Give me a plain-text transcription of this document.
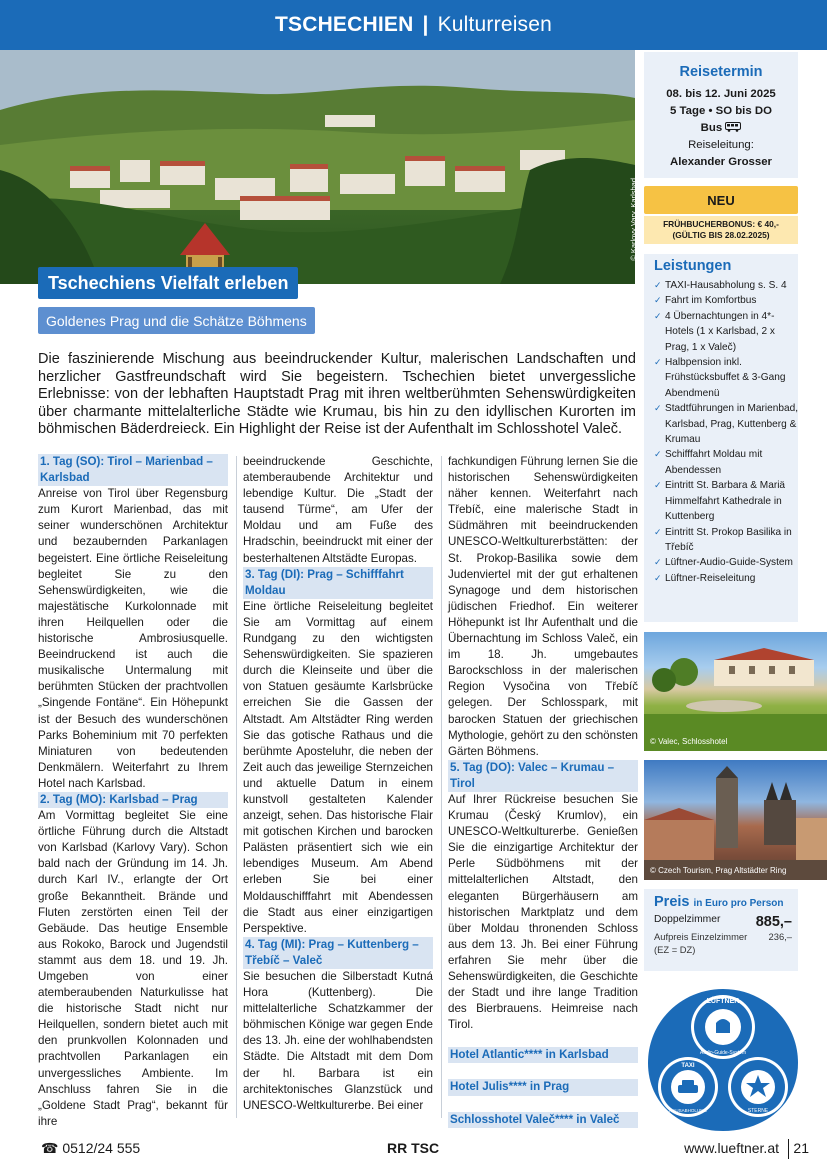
TSCHECHIEN | Kulturreisen
© Karlovy Vary, Karlsbad
Tschechiens Vielfalt erleben
Goldenes Prag und die Schätze Böhmens

Die faszinierende Mischung aus beeindruckender Kultur, malerischen Landschaften und herzlicher Gastfreundschaft wird Sie begeistern. Tschechien bietet unvergessliche Erlebnisse: von der lebhaften Hauptstadt Prag mit ihren weltberühmten Sehenswürdigkeiten über charmante mittelalterliche Städte wie Krumau, bis hin zu den idyllischen Kurorten im böhmischen Bäderdreieck. Ein Highlight der Reise ist der Aufenthalt im Schlosshotel Valeč.

1. Tag (SO): Tirol – Marienbad – Karlsbad

Anreise von Tirol über Regensburg zum Kurort Marienbad, das mit seiner wunderschönen Architektur und bezaubernden Parkanlagen begeistert. Eine örtliche Reiseleitung begleitet Sie zu den Sehenswürdigkeiten, wie die majestätische Kurkolonnade mit ihren Heilquellen oder die historische Ambrosiusquelle. Beeindruckend ist auch die musikalische Untermalung mit berühmten Stücken der prachtvollen „Singende Fontäne“. Ein Höhepunkt ist der Besuch des wunderschönen Parks Boheminium mit 70 perfekten Miniaturen von bedeutenden Denkmälern. Weiterfahrt zu Ihrem Hotel nach Karlsbad.

2. Tag (MO): Karlsbad – Prag

Am Vormittag begleitet Sie eine örtliche Führung durch die Altstadt von Karlsbad (Karlovy Vary). Schon bald nach der Gründung im 14. Jh. durch Karl IV., erlangte der Ort große Bekanntheit. Brände und Fluten zerstörten einen Teil der Gebäude. Das heutige Ensemble aus Rokoko, Barock und Jugendstil stammt aus dem 18. und 19. Jh. Umgeben von einer atemberaubenden Naturkulisse hat die historische Stadt nicht nur Heilquellen, sondern bietet auch mit den prunkvollen Kolonnaden und prachtvollen Parkanlagen ein unvergessliches Ambiente. Im Anschluss fahren Sie in die „Goldene Stadt Prag“, bekannt für ihre

beeindruckende Geschichte, atemberaubende Architektur und lebendige Kultur. Die „Stadt der tausend Türme“, am Ufer der Moldau und am Fuße des Hradschin, beeindruckt mit einer der besterhaltenen Altstädte Europas.

3. Tag (DI): Prag – Schifffahrt Moldau

Eine örtliche Reiseleitung begleitet Sie am Vormittag auf einem Rundgang zu den wichtigsten Sehenswürdigkeiten. Sie spazieren durch die Kleinseite und über die von Statuen gesäumte Karlsbrücke erreichen Sie die Gassen der Altstadt. Am Altstädter Ring werden Sie das gotische Rathaus und die berühmte Aposteluhr, die neben der Zeit auch das jeweilige Sternzeichen und aktuelle Datum in einem kunstvoll gestalteten Kalender anzeigt, sehen. Das historische Flair mit gotischen Kirchen und barocken Palästen präsentiert sich wie ein lebendiges Museum. Am Abend erleben Sie bei einer Moldauschifffahrt mit Abendessen die Stadt aus einer einzigartigen Perspektive.

4. Tag (MI): Prag – Kuttenberg – Třebíč – Valeč

Sie besuchen die Silberstadt Kutná Hora (Kuttenberg). Die mittelalterliche Schatzkammer der böhmischen Könige war gegen Ende des 13. Jh. eine der wohlhabendsten Städte. Die Altstadt mit dem Dom der hl. Barbara ist ein architektonisches Glanzstück und UNESCO-Weltkulturerbe. Bei einer

fachkundigen Führung lernen Sie die historischen Sehenswürdigkeiten näher kennen. Weiterfahrt nach Třebíč, eine malerische Stadt in Südmähren mit beeindruckenden UNESCO-Weltkulturerbstätten: der St. Prokop-Basilika sowie dem Judenviertel mit der gut erhaltenen Synagoge und dem historischen jüdischen Friedhof. Ein weiterer Höhepunkt ist Ihr Aufenthalt und die Übernachtung im Schloss Valeč, ein im 18. Jh. umgebautes Barockschloss in der malerischen Region Vysočina von Třebíč gelegen. Der Schlosspark, mit barocken Statuen der griechischen Mythologie, gehört zu den schönsten Gärten Böhmens.

5. Tag (DO): Valec – Krumau – Tirol

Auf Ihrer Rückreise besuchen Sie Krumau (Český Krumlov), ein UNESCO-Weltkulturerbe. Genießen Sie die einzigartige Architektur der Perle Südböhmens mit der mittelalterlichen Altstadt, den eleganten Bürgerhäusern am historischen Marktplatz und dem über Moldau thronenden Schloss aus dem 13. Jh. Bei einer Führung erfahren Sie mehr über die Sehenswürdigkeiten, die Geschichte der Stadt und ihre lange Tradition des Bierbrauens. Heimreise nach Tirol.

Hotel Atlantic**** in Karlsbad
Hotel Julis**** in Prag
Schlosshotel Valeč**** in Valeč
Reisetermin
08. bis 12. Juni 2025
5 Tage • SO bis DO
Bus
Reiseleitung:
Alexander Grosser
NEU
FRÜHBUCHERBONUS: € 40,-
(GÜLTIG BIS 28.02.2025)
Leistungen
✓ TAXI-Hausabholung s. S. 4
✓ Fahrt im Komfortbus
✓ 4 Übernachtungen in 4*-Hotels (1 x Karlsbad, 2 x Prag, 1 x Valeč)
✓ Halbpension inkl. Frühstücksbuffet & 3-Gang Abendmenü
✓ Stadtführungen in Marienbad, Karlsbad, Prag, Kuttenberg & Krumau
✓ Schifffahrt Moldau mit Abendessen
✓ Eintritt St. Barbara & Mariä Himmelfahrt Kathedrale in Kuttenberg
✓ Eintritt St. Prokop Basilika in Třebíč
✓ Lüftner-Audio-Guide-System
✓ Lüftner-Reiseleitung
© Valec, Schlosshotel
© Czech Tourism, Prag Altstädter Ring
Preis in Euro pro Person
Doppelzimmer 885,–
Aufpreis Einzelzimmer 236,–
(EZ = DZ)
LÜFTNER
Audio-Guide-System
TAXI
HAUSABHOLUNG	STERNE
☎ 0512/24 555	RR TSC	www.lueftner.at 21
